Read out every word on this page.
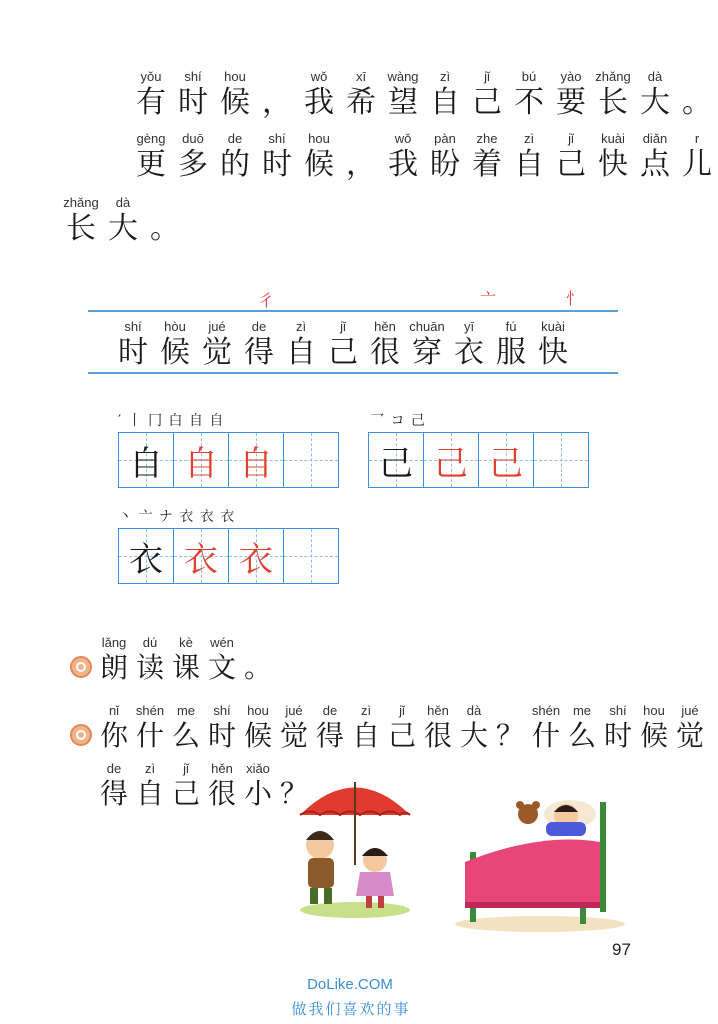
yǒu
有
shí
时
hou
候 ，
wǒ
我
xī
希
wàng
望
zì
自
jǐ
己
bú
不
yào
要
zhǎng
长
dà
大 。
gèng
更
duō
多
de
的
shí
时
hou
候 ，
wǒ
我
pàn
盼
zhe
着
zì
自
jǐ
己
kuài
快
diǎn
点
r
儿
zhǎng
长
dà
大 。
彳	亠	忄
shí
时
hòu
候
jué
觉
de
得
zì
自
jǐ
己
hěn
很
chuān
穿
yī
衣
fú
服
kuài
快
′ 丨 冂 白 自 自
自 自 自
乛 コ 己
己 己 己
丶 亠 ナ 衣 衣 衣
衣 衣 衣
lǎng
朗
dú
读
kè
课
wén
文 。
nǐ
你
shén
什
me
么
shí
时
hou
候
jué
觉
de
得
zì
自
jǐ
己
hěn
很
dà
大 ？
shén
什
me
么
shí
时
hou
候
jué
觉
de
得
zì
自
jǐ
己
hěn
很
xiǎo
小 ？
97
DoLike.COM
做我们喜欢的事
